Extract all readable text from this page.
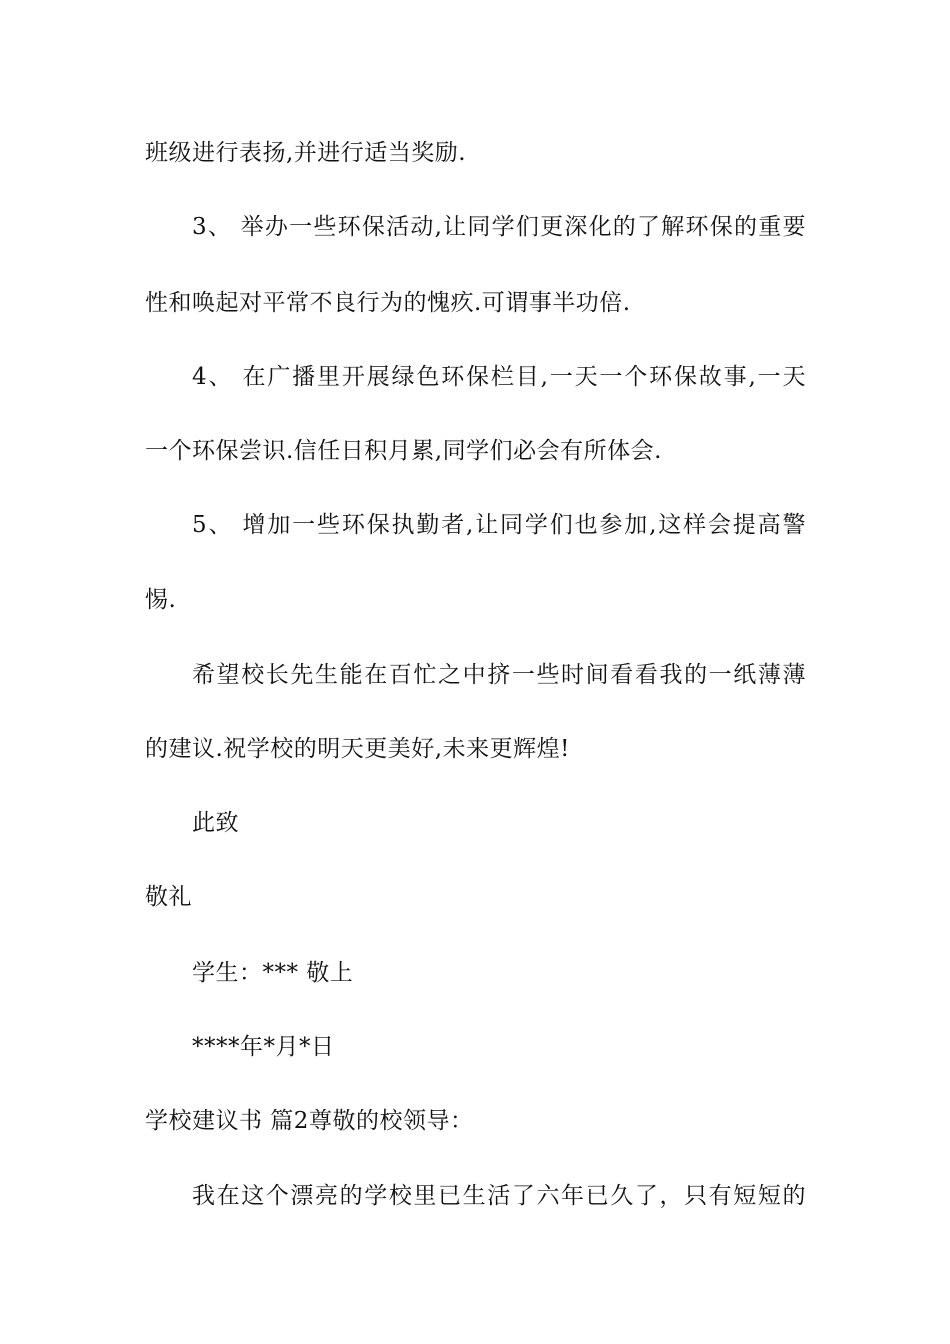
班级进行表扬,并进行适当奖励.
3、 举办一些环保活动,让同学们更深化的了解环保的重要
性和唤起对平常不良行为的愧疚.可谓事半功倍.
4、 在广播里开展绿色环保栏目,一天一个环保故事,一天
一个环保尝识.信任日积月累,同学们必会有所体会.
5、 增加一些环保执勤者,让同学们也参加,这样会提高警
惕.
希望校长先生能在百忙之中挤一些时间看看我的一纸薄薄
的建议.祝学校的明天更美好,未来更辉煌!
此致
敬礼
学生：*** 敬上
****年*月*日
学校建议书 篇2尊敬的校领导：
我在这个漂亮的学校里已生活了六年已久了，只有短短的
